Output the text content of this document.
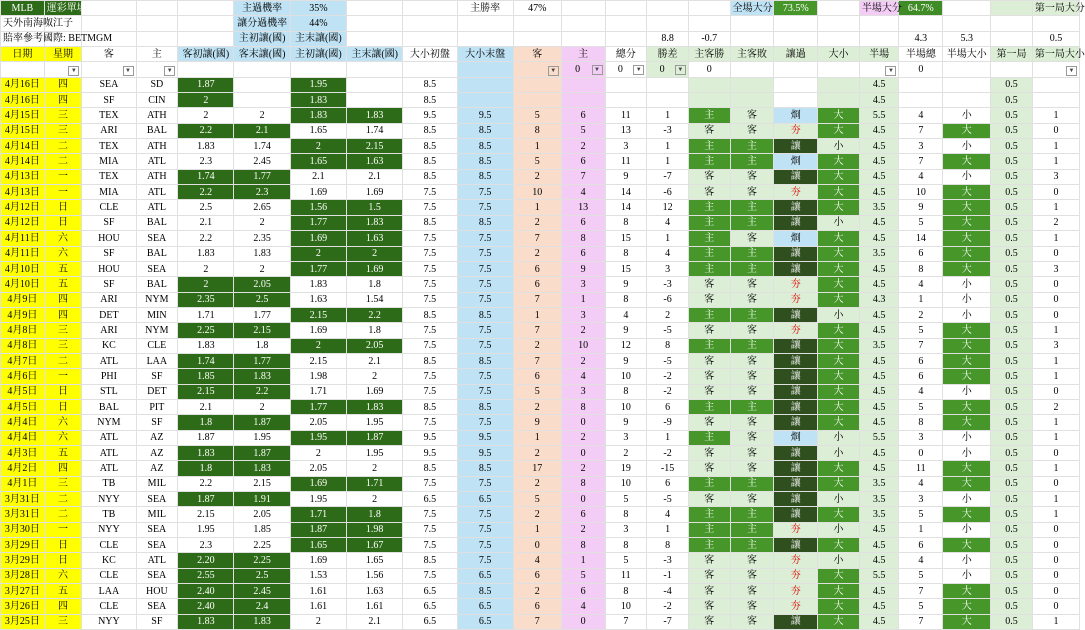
MLB	運彩單場				主過機率	35%			主勝率	47%					全場大分	73.5%		半場大分	64.7%			第一局大分
天外南海呶江子					讓分過機率	44%																
賠率參考國際: BETMGM					主初讓(國)	主末讓(國)							8.8	-0.7					4.3	5.3		0.5
日期	星期	客	主	客初讓(國)	客末讓(國)	主初讓(國)	主末讓(國)	大小初盤	大小末盤	客	主	總分	勝差	主客勝	主客敗	讓過	大小	半場	半場總	半場大小	第一局	第一局大小

	▼	▼	▼							▼	0 ▼	0 ▼	0 ▼	0				▼	0			▼

4月16日	四	SEA	SD	1.87		1.95		8.5										4.5			0.5	
4月16日	四	SF	CIN	2		1.83		8.5										4.5			0.5	
4月15日	三	TEX	ATH	2	2	1.83	1.83	9.5	9.5	5	6	11	1	主	客	烱	大	5.5	4	小	0.5	1
4月15日	三	ARI	BAL	2.2	2.1	1.65	1.74	8.5	8.5	8	5	13	-3	客	客	夯	大	4.5	7	大	0.5	0
4月14日	二	TEX	ATH	1.83	1.74	2	2.15	8.5	8.5	1	2	3	1	主	主	讓	小	4.5	3	小	0.5	1
4月14日	二	MIA	ATL	2.3	2.45	1.65	1.63	8.5	8.5	5	6	11	1	主	主	烱	大	4.5	7	大	0.5	1
4月13日	一	TEX	ATH	1.74	1.77	2.1	2.1	8.5	8.5	2	7	9	-7	客	客	讓	大	4.5	4	小	0.5	3
4月13日	一	MIA	ATL	2.2	2.3	1.69	1.69	7.5	7.5	10	4	14	-6	客	客	夯	大	4.5	10	大	0.5	0
4月12日	日	CLE	ATL	2.5	2.65	1.56	1.5	7.5	7.5	1	13	14	12	主	主	讓	大	3.5	9	大	0.5	1
4月12日	日	SF	BAL	2.1	2	1.77	1.83	8.5	8.5	2	6	8	4	主	主	讓	小	4.5	5	大	0.5	2
4月11日	六	HOU	SEA	2.2	2.35	1.69	1.63	7.5	7.5	7	8	15	1	主	客	烱	大	4.5	14	大	0.5	1
4月11日	六	SF	BAL	1.83	1.83	2	2	7.5	7.5	2	6	8	4	主	主	讓	大	3.5	6	大	0.5	0
4月10日	五	HOU	SEA	2	2	1.77	1.69	7.5	7.5	6	9	15	3	主	主	讓	大	4.5	8	大	0.5	3
4月10日	五	SF	BAL	2	2.05	1.83	1.8	7.5	7.5	6	3	9	-3	客	客	夯	大	4.5	4	小	0.5	0
4月9日	四	ARI	NYM	2.35	2.5	1.63	1.54	7.5	7.5	7	1	8	-6	客	客	夯	大	4.3	1	小	0.5	0
4月9日	四	DET	MIN	1.71	1.77	2.15	2.2	8.5	8.5	1	3	4	2	主	主	讓	小	4.5	2	小	0.5	0
4月8日	三	ARI	NYM	2.25	2.15	1.69	1.8	7.5	7.5	7	2	9	-5	客	客	夯	大	4.5	5	大	0.5	1
4月8日	三	KC	CLE	1.83	1.8	2	2.05	7.5	7.5	2	10	12	8	主	主	讓	大	3.5	7	大	0.5	3
4月7日	二	ATL	LAA	1.74	1.77	2.15	2.1	8.5	8.5	7	2	9	-5	客	客	讓	大	4.5	6	大	0.5	1
4月6日	一	PHI	SF	1.85	1.83	1.98	2	7.5	7.5	6	4	10	-2	客	客	讓	大	4.5	6	大	0.5	1
4月5日	日	STL	DET	2.15	2.2	1.71	1.69	7.5	7.5	5	3	8	-2	客	客	讓	大	4.5	4	小	0.5	0
4月5日	日	BAL	PIT	2.1	2	1.77	1.83	8.5	8.5	2	8	10	6	主	主	讓	大	4.5	5	大	0.5	2
4月4日	六	NYM	SF	1.8	1.87	2.05	1.95	7.5	7.5	9	0	9	-9	客	客	讓	大	4.5	8	大	0.5	1
4月4日	六	ATL	AZ	1.87	1.95	1.95	1.87	9.5	9.5	1	2	3	1	主	客	烱	小	5.5	3	小	0.5	1
4月3日	五	ATL	AZ	1.83	1.87	2	1.95	9.5	9.5	2	0	2	-2	客	客	讓	小	4.5	0	小	0.5	0
4月2日	四	ATL	AZ	1.8	1.83	2.05	2	8.5	8.5	17	2	19	-15	客	客	讓	大	4.5	11	大	0.5	1
4月1日	三	TB	MIL	2.2	2.15	1.69	1.71	7.5	7.5	2	8	10	6	主	主	讓	大	3.5	4	大	0.5	0
3月31日	二	NYY	SEA	1.87	1.91	1.95	2	6.5	6.5	5	0	5	-5	客	客	讓	小	3.5	3	小	0.5	1
3月31日	二	TB	MIL	2.15	2.05	1.71	1.8	7.5	7.5	2	6	8	4	主	主	讓	大	3.5	5	大	0.5	1
3月30日	一	NYY	SEA	1.95	1.85	1.87	1.98	7.5	7.5	1	2	3	1	主	主	夯	小	4.5	1	小	0.5	0
3月29日	日	CLE	SEA	2.3	2.25	1.65	1.67	7.5	7.5	0	8	8	8	主	主	讓	大	4.5	6	大	0.5	0
3月29日	日	KC	ATL	2.20	2.25	1.69	1.65	8.5	7.5	4	1	5	-3	客	客	夯	小	4.5	4	小	0.5	0
3月28日	六	CLE	SEA	2.55	2.5	1.53	1.56	7.5	6.5	6	5	11	-1	客	客	夯	大	5.5	5	小	0.5	0
3月27日	五	LAA	HOU	2.40	2.45	1.61	1.63	6.5	8.5	2	6	8	-4	客	客	夯	大	4.5	7	大	0.5	0
3月26日	四	CLE	SEA	2.40	2.4	1.61	1.61	6.5	6.5	6	4	10	-2	客	客	夯	大	4.5	5	大	0.5	0
3月25日	三	NYY	SF	1.83	1.83	2	2.1	6.5	6.5	7	0	7	-7	客	客	讓	大	4.5	7	大	0.5	1
